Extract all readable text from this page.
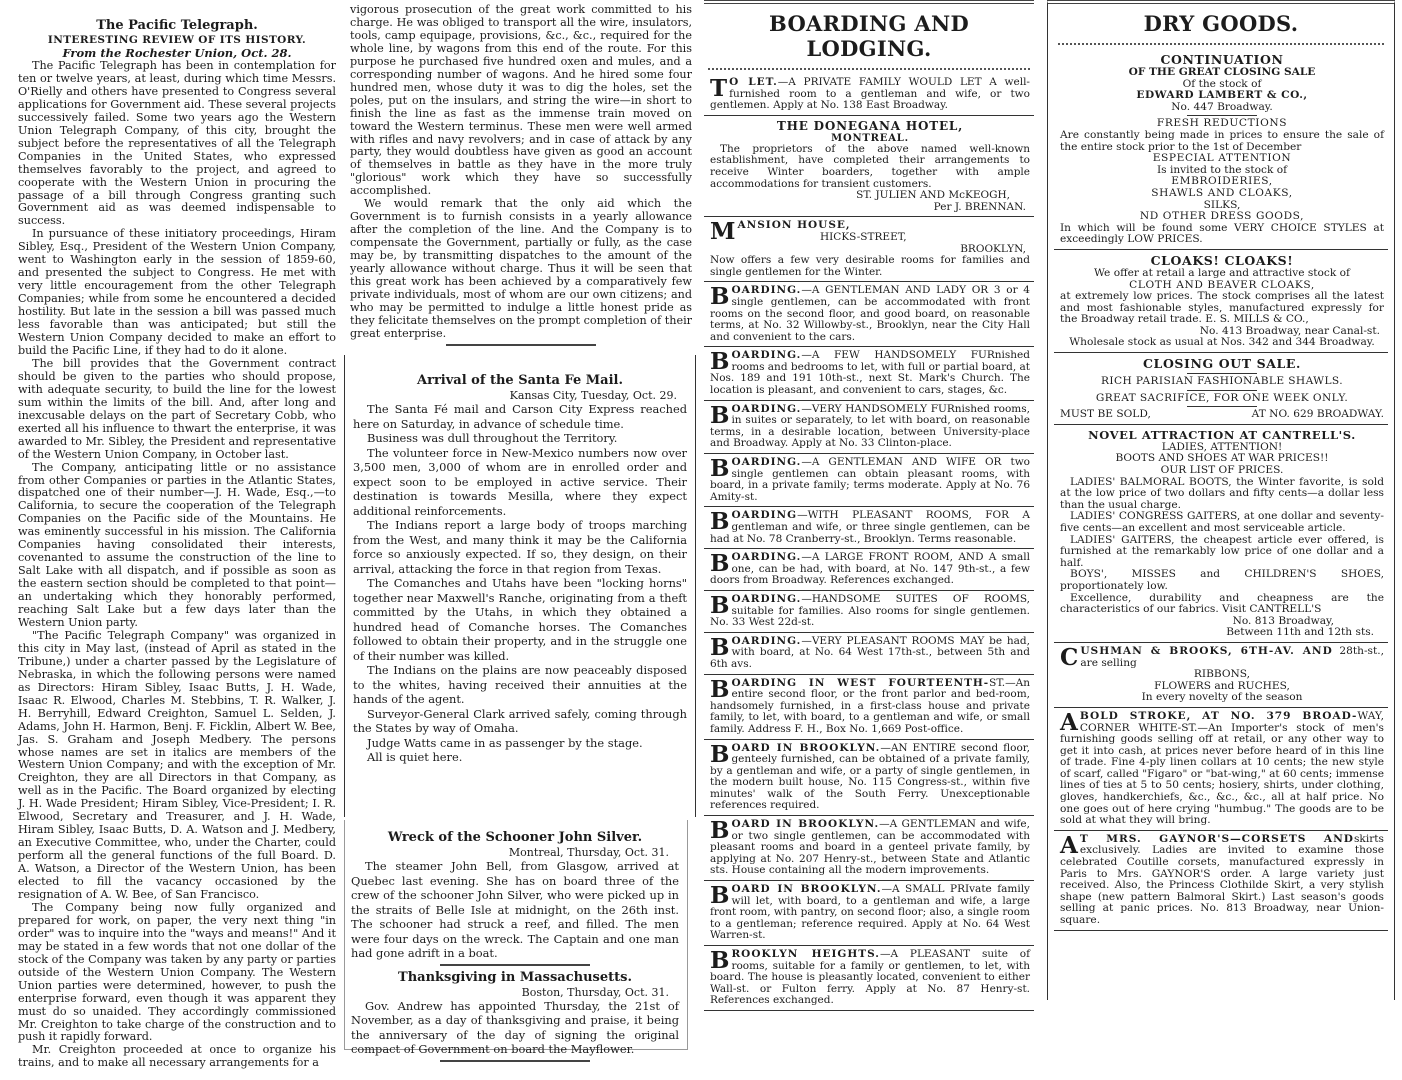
The Pacific Telegraph.
INTERESTING REVIEW OF ITS HISTORY.
From the Rochester Union, Oct. 28.

The Pacific Telegraph has been in contemplation for ten or twelve years, at least, during which time Messrs. O'Rielly and others have presented to Congress several applications for Government aid. These several projects successively failed. Some two years ago the Western Union Telegraph Company, of this city, brought the subject before the representatives of all the Telegraph Companies in the United States, who expressed themselves favorably to the project, and agreed to cooperate with the Western Union in procuring the passage of a bill through Congress granting such Government aid as was deemed indispensable to success.

In pursuance of these initiatory proceedings, Hiram Sibley, Esq., President of the Western Union Company, went to Washington early in the session of 1859-60, and presented the subject to Congress. He met with very little encouragement from the other Telegraph Companies; while from some he encountered a decided hostility. But late in the session a bill was passed much less favorable than was anticipated; but still the Western Union Company decided to make an effort to build the Pacific Line, if they had to do it alone.

The bill provides that the Government contract should be given to the parties who should propose, with adequate security, to build the line for the lowest sum within the limits of the bill. And, after long and inexcusable delays on the part of Secretary Cobb, who exerted all his influence to thwart the enterprise, it was awarded to Mr. Sibley, the President and representative of the Western Union Company, in October last.

The Company, anticipating little or no assistance from other Companies or parties in the Atlantic States, dispatched one of their number—J. H. Wade, Esq.,—to California, to secure the cooperation of the Telegraph Companies on the Pacific side of the Mountains. He was eminently successful in his mission. The California Companies having consolidated their interests, covenanted to assume the construction of the line to Salt Lake with all dispatch, and if possible as soon as the eastern section should be completed to that point—an undertaking which they honorably performed, reaching Salt Lake but a few days later than the Western Union party.

"The Pacific Telegraph Company" was organized in this city in May last, (instead of April as stated in the Tribune,) under a charter passed by the Legislature of Nebraska, in which the following persons were named as Directors: Hiram Sibley, Isaac Butts, J. H. Wade, Isaac R. Elwood, Charles M. Stebbins, T. R. Walker, J. H. Berryhill, Edward Creighton, Samuel L. Selden, J. Adams, John H. Harmon, Benj. F. Ficklin, Albert W. Bee, Jas. S. Graham and Joseph Medbery. The persons whose names are set in italics are members of the Western Union Company; and with the exception of Mr. Creighton, they are all Directors in that Company, as well as in the Pacific. The Board organized by electing J. H. Wade President; Hiram Sibley, Vice-President; I. R. Elwood, Secretary and Treasurer, and J. H. Wade, Hiram Sibley, Isaac Butts, D. A. Watson and J. Medbery, an Executive Committee, who, under the Charter, could perform all the general functions of the full Board. D. A. Watson, a Director of the Western Union, has been elected to fill the vacancy occasioned by the resignation of A. W. Bee, of San Francisco.

The Company being now fully organized and prepared for work, on paper, the very next thing "in order" was to inquire into the "ways and means!" And it may be stated in a few words that not one dollar of the stock of the Company was taken by any party or parties outside of the Western Union Company. The Western Union parties were determined, however, to push the enterprise forward, even though it was apparent they must do so unaided. They accordingly commissioned Mr. Creighton to take charge of the construction and to push it rapidly forward.

Mr. Creighton proceeded at once to organize his trains, and to make all necessary arrangements for a

vigorous prosecution of the great work committed to his charge. He was obliged to transport all the wire, insulators, tools, camp equipage, provisions, &c., &c., required for the whole line, by wagons from this end of the route. For this purpose he purchased five hundred oxen and mules, and a corresponding number of wagons. And he hired some four hundred men, whose duty it was to dig the holes, set the poles, put on the insulars, and string the wire—in short to finish the line as fast as the immense train moved on toward the Western terminus. These men were well armed with rifles and navy revolvers; and in case of attack by any party, they would doubtless have given as good an account of themselves in battle as they have in the more truly "glorious" work which they have so successfully accomplished.

We would remark that the only aid which the Government is to furnish consists in a yearly allowance after the completion of the line. And the Company is to compensate the Government, partially or fully, as the case may be, by transmitting dispatches to the amount of the yearly allowance without charge. Thus it will be seen that this great work has been achieved by a comparatively few private individuals, most of whom are our own citizens; and who may be permitted to indulge a little honest pride as they felicitate themselves on the prompt completion of their great enterprise.

Arrival of the Santa Fe Mail.
Kansas City, Tuesday, Oct. 29.

The Santa Fé mail and Carson City Express reached here on Saturday, in advance of schedule time.

Business was dull throughout the Territory.

The volunteer force in New-Mexico numbers now over 3,500 men, 3,000 of whom are in enrolled order and expect soon to be employed in active service. Their destination is towards Mesilla, where they expect additional reinforcements.

The Indians report a large body of troops marching from the West, and many think it may be the California force so anxiously expected. If so, they design, on their arrival, attacking the force in that region from Texas.

The Comanches and Utahs have been "locking horns" together near Maxwell's Ranche, originating from a theft committed by the Utahs, in which they obtained a hundred head of Comanche horses. The Comanches followed to obtain their property, and in the struggle one of their number was killed.

The Indians on the plains are now peaceably disposed to the whites, having received their annuities at the hands of the agent.

Surveyor-General Clark arrived safely, coming through the States by way of Omaha.

Judge Watts came in as passenger by the stage.

All is quiet here.

Wreck of the Schooner John Silver.
Montreal, Thursday, Oct. 31.

The steamer John Bell, from Glasgow, arrived at Quebec last evening. She has on board three of the crew of the schooner John Silver, who were picked up in the straits of Belle Isle at midnight, on the 26th inst. The schooner had struck a reef, and filled. The men were four days on the wreck. The Captain and one man had gone adrift in a boat.

Thanksgiving in Massachusetts.
Boston, Thursday, Oct. 31.

Gov. Andrew has appointed Thursday, the 21st of November, as a day of thanksgiving and praise, it being the anniversary of the day of signing the original compact of Government on board the Mayflower.

BOARDING AND LODGING.

T O LET.—A PRIVATE FAMILY WOULD LET A well-furnished room to a gentleman and wife, or two gentlemen. Apply at No. 138 East Broadway.

THE DONEGANA HOTEL,
MONTREAL.

The proprietors of the above named well-known establishment, have completed their arrangements to receive Winter boarders, together with ample accommodations for transient customers.

ST. JULIEN AND McKEOGH,

Per J. BRENNAN.

MANSION HOUSE,

HICKS-STREET,

BROOKLYN,

Now offers a few very desirable rooms for families and single gentlemen for the Winter.

BOARDING.—A GENTLEMAN AND LADY OR 3 or 4 single gentlemen, can be accommodated with front rooms on the second floor, and good board, on reasonable terms, at No. 32 Willowby-st., Brooklyn, near the City Hall and convenient to the cars.

BOARDING.—A FEW HANDSOMELY FURnished rooms and bedrooms to let, with full or partial board, at Nos. 189 and 191 10th-st., next St. Mark's Church. The location is pleasant, and convenient to cars, stages, &c.

BOARDING.—VERY HANDSOMELY FURnished rooms, in suites or separately, to let with board, on reasonable terms, in a desirable location, between University-place and Broadway. Apply at No. 33 Clinton-place.

BOARDING.—A GENTLEMAN AND WIFE OR two single gentlemen can obtain pleasant rooms, with board, in a private family; terms moderate. Apply at No. 76 Amity-st.

BOARDING—WITH PLEASANT ROOMS, FOR A gentleman and wife, or three single gentlemen, can be had at No. 78 Cranberry-st., Brooklyn. Terms reasonable.

BOARDING.—A LARGE FRONT ROOM, AND A small one, can be had, with board, at No. 147 9th-st., a few doors from Broadway. References exchanged.

BOARDING.—HANDSOME SUITES OF ROOMS, suitable for families. Also rooms for single gentlemen. No. 33 West 22d-st.

BOARDING.—VERY PLEASANT ROOMS MAY be had, with board, at No. 64 West 17th-st., between 5th and 6th avs.

BOARDING IN WEST FOURTEENTH-ST.—An entire second floor, or the front parlor and bed-room, handsomely furnished, in a first-class house and private family, to let, with board, to a gentleman and wife, or small family. Address F. H., Box No. 1,669 Post-office.

BOARD IN BROOKLYN.—AN ENTIRE second floor, genteely furnished, can be obtained of a private family, by a gentleman and wife, or a party of single gentlemen, in the modern built house, No. 115 Congress-st., within five minutes' walk of the South Ferry. Unexceptionable references required.

BOARD IN BROOKLYN.—A GENTLEMAN and wife, or two single gentlemen, can be accommodated with pleasant rooms and board in a genteel private family, by applying at No. 207 Henry-st., between State and Atlantic sts. House containing all the modern improvements.

BOARD IN BROOKLYN.—A SMALL PRIvate family will let, with board, to a gentleman and wife, a large front room, with pantry, on second floor; also, a single room to a gentleman; reference required. Apply at No. 64 West Warren-st.

BROOKLYN HEIGHTS.—A PLEASANT suite of rooms, suitable for a family or gentlemen, to let, with board. The house is pleasantly located, convenient to either Wall-st. or Fulton ferry. Apply at No. 87 Henry-st. References exchanged.

DRY GOODS.
CONTINUATION

OF THE GREAT CLOSING SALE

Of the stock of

EDWARD LAMBERT & CO.,

No. 447 Broadway.

FRESH REDUCTIONS

Are constantly being made in prices to ensure the sale of the entire stock prior to the 1st of December

ESPECIAL ATTENTION

Is invited to the stock of

EMBROIDERIES,

SHAWLS AND CLOAKS,

SILKS,

ND OTHER DRESS GOODS,

In which will be found some VERY CHOICE STYLES at exceedingly LOW PRICES.

CLOAKS! CLOAKS!

We offer at retail a large and attractive stock of

CLOTH AND BEAVER CLOAKS,

at extremely low prices. The stock comprises all the latest and most fashionable styles, manufactured expressly for the Broadway retail trade. E. S. MILLS & CO.,

No. 413 Broadway, near Canal-st.

Wholesale stock as usual at Nos. 342 and 344 Broadway.

CLOSING OUT SALE.

RICH PARISIAN FASHIONABLE SHAWLS.

GREAT SACRIFICE, FOR ONE WEEK ONLY.

MUST BE SOLD,	AT NO. 629 BROADWAY.

NOVEL ATTRACTION AT CANTRELL'S.

LADIES, ATTENTION!

BOOTS AND SHOES AT WAR PRICES!!

OUR LIST OF PRICES.

LADIES' BALMORAL BOOTS, the Winter favorite, is sold at the low price of two dollars and fifty cents—a dollar less than the usual charge.

LADIES' CONGRESS GAITERS, at one dollar and seventy-five cents—an excellent and most serviceable article.

LADIES' GAITERS, the cheapest article ever offered, is furnished at the remarkably low price of one dollar and a half.

BOYS', MISSES and CHILDREN'S SHOES, proportionately low.

Excellence, durability and cheapness are the characteristics of our fabrics. Visit CANTRELL'S

No. 813 Broadway,

Between 11th and 12th sts.

CUSHMAN & BROOKS, 6TH-AV. AND 28th-st., are selling

RIBBONS,

FLOWERS and RUCHES,

In every novelty of the season

ABOLD STROKE, AT NO. 379 BROAD-WAY, CORNER WHITE-ST.—An Importer's stock of men's furnishing goods selling off at retail, or any other way to get it into cash, at prices never before heard of in this line of trade. Fine 4-ply linen collars at 10 cents; the new style of scarf, called "Figaro" or "bat-wing," at 60 cents; immense lines of ties at 5 to 50 cents; hosiery, shirts, under clothing, gloves, handkerchiefs, &c., &c., &c., all at half price. No one goes out of here crying "humbug." The goods are to be sold at what they will bring.

A T MRS. GAYNOR'S—CORSETS ANDskirts exclusively. Ladies are invited to examine those celebrated Coutille corsets, manufactured expressly in Paris to Mrs. GAYNOR'S order. A large variety just received. Also, the Princess Clothilde Skirt, a very stylish shape (new pattern Balmoral Skirt.) Last season's goods selling at panic prices. No. 813 Broadway, near Union-square.
